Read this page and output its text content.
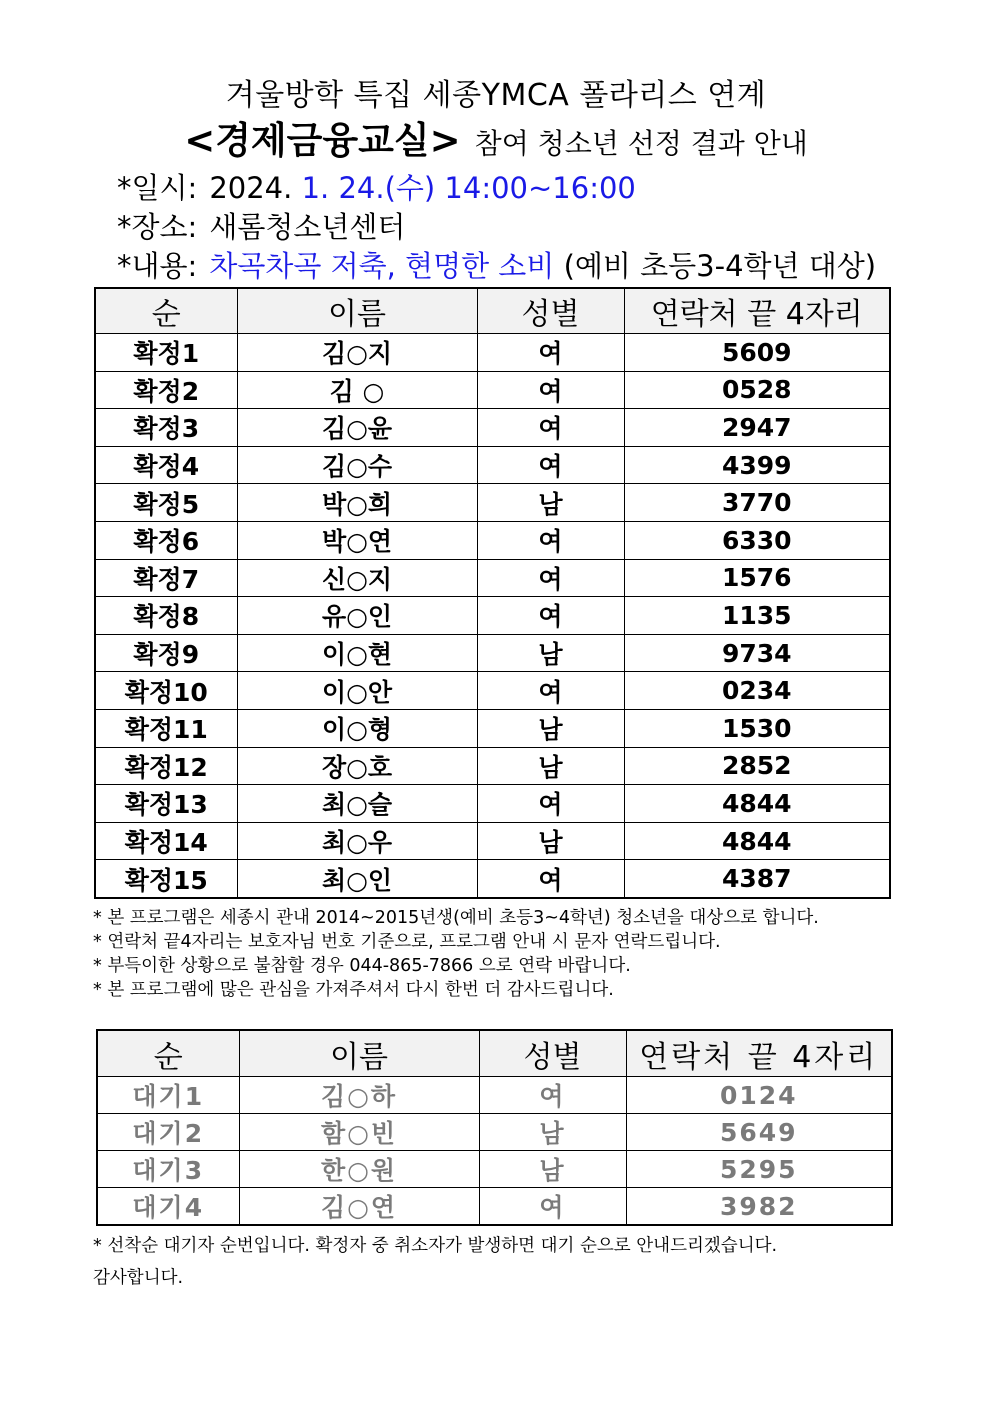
겨울방학 특집 세종YMCA 폴라리스 연계
<경제금융교실> 참여 청소년 선정 결과 안내
*일시: 2024. 1. 24.(수) 14:00~16:00
*장소: 새롬청소년센터
*내용: 차곡차곡 저축, 현명한 소비 (예비 초등3-4학년 대상)
순	이름	성별	연락처 끝 4자리
확정1	김○지	여	5609
확정2	김 ○	여	0528
확정3	김○윤	여	2947
확정4	김○수	여	4399
확정5	박○희	남	3770
확정6	박○연	여	6330
확정7	신○지	여	1576
확정8	유○인	여	1135
확정9	이○현	남	9734
확정10	이○안	여	0234
확정11	이○형	남	1530
확정12	장○호	남	2852
확정13	최○슬	여	4844
확정14	최○우	남	4844
확정15	최○인	여	4387
* 본 프로그램은 세종시 관내 2014~2015년생(예비 초등3~4학년) 청소년을 대상으로 합니다.
* 연락처 끝4자리는 보호자님 번호 기준으로, 프로그램 안내 시 문자 연락드립니다.
* 부득이한 상황으로 불참할 경우 044-865-7866 으로 연락 바랍니다.
* 본 프로그램에 많은 관심을 가져주셔서 다시 한번 더 감사드립니다.
순	이름	성별	연락처 끝 4자리
대기1	김○하	여	0124
대기2	함○빈	남	5649
대기3	한○원	남	5295
대기4	김○연	여	3982
* 선착순 대기자 순번입니다. 확정자 중 취소자가 발생하면 대기 순으로 안내드리겠습니다.
감사합니다.
